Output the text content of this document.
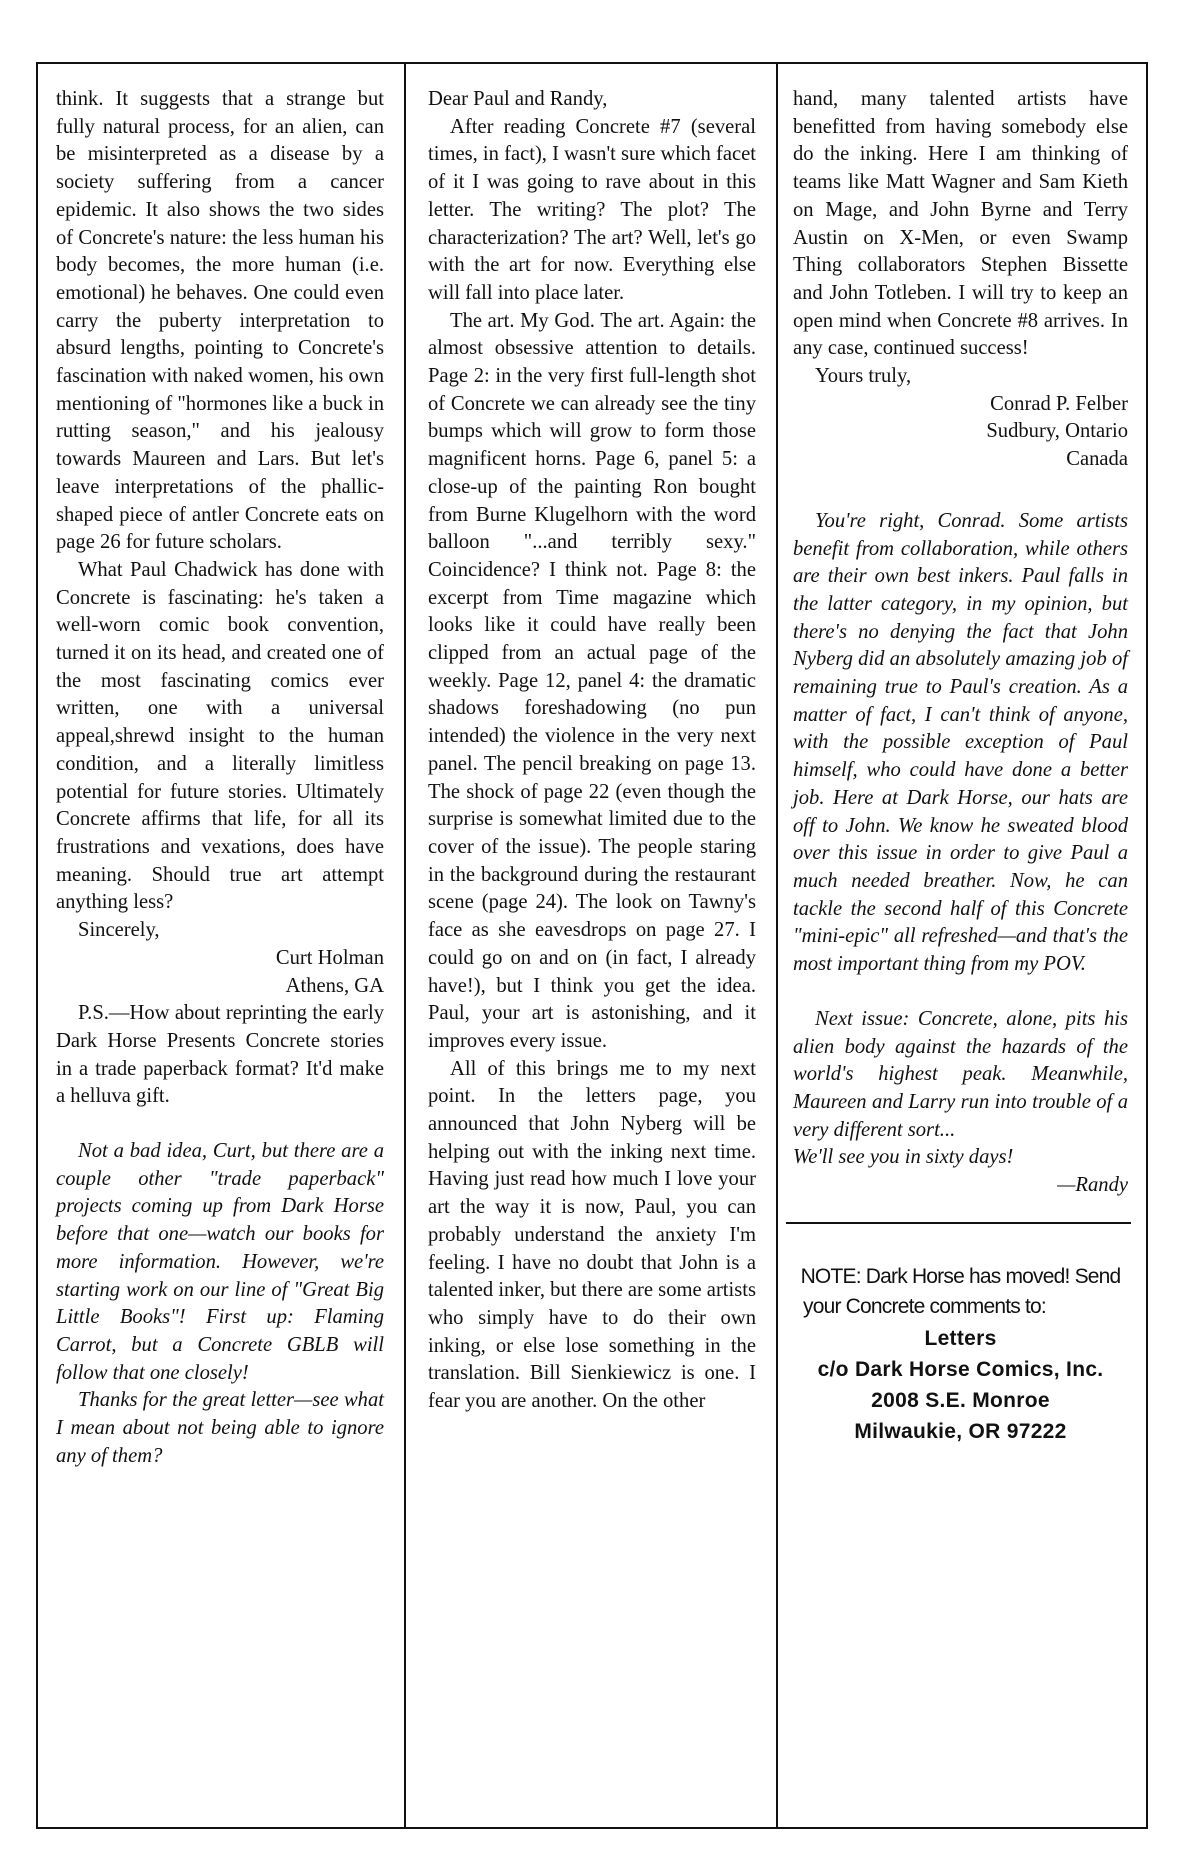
think. It suggests that a strange but fully natural process, for an alien, can be misinterpreted as a disease by a society suffering from a cancer epidemic. It also shows the two sides of Concrete's nature: the less human his body becomes, the more human (i.e. emotional) he behaves. One could even carry the puberty interpretation to absurd lengths, pointing to Concrete's fascination with naked women, his own mentioning of "hormones like a buck in rutting season," and his jealousy towards Maureen and Lars. But let's leave interpretations of the phallic-shaped piece of antler Concrete eats on page 26 for future scholars.

What Paul Chadwick has done with Concrete is fascinating: he's taken a well-worn comic book convention, turned it on its head, and created one of the most fascinating comics ever written, one with a universal appeal,shrewd insight to the human condition, and a literally limitless potential for future stories. Ultimately Concrete affirms that life, for all its frustrations and vexations, does have meaning. Should true art attempt anything less?

Sincerely,

Curt Holman

Athens, GA

P.S.—How about reprinting the early Dark Horse Presents Concrete stories in a trade paperback format? It'd make a helluva gift.

Not a bad idea, Curt, but there are a couple other "trade paperback" projects coming up from Dark Horse before that one—watch our books for more information. However, we're starting work on our line of "Great Big Little Books"! First up: Flaming Carrot, but a Concrete GBLB will follow that one closely!

Thanks for the great letter—see what I mean about not being able to ignore any of them?

Dear Paul and Randy,

After reading Concrete #7 (several times, in fact), I wasn't sure which facet of it I was going to rave about in this letter. The writing? The plot? The characterization? The art? Well, let's go with the art for now. Everything else will fall into place later.

The art. My God. The art. Again: the almost obsessive attention to details. Page 2: in the very first full-length shot of Concrete we can already see the tiny bumps which will grow to form those magnificent horns. Page 6, panel 5: a close-up of the painting Ron bought from Burne Klugelhorn with the word balloon "...and terribly sexy." Coincidence? I think not. Page 8: the excerpt from Time magazine which looks like it could have really been clipped from an actual page of the weekly. Page 12, panel 4: the dramatic shadows foreshadowing (no pun intended) the violence in the very next panel. The pencil breaking on page 13. The shock of page 22 (even though the surprise is somewhat limited due to the cover of the issue). The people staring in the background during the restaurant scene (page 24). The look on Tawny's face as she eavesdrops on page 27. I could go on and on (in fact, I already have!), but I think you get the idea. Paul, your art is astonishing, and it improves every issue.

All of this brings me to my next point. In the letters page, you announced that John Nyberg will be helping out with the inking next time. Having just read how much I love your art the way it is now, Paul, you can probably understand the anxiety I'm feeling. I have no doubt that John is a talented inker, but there are some artists who simply have to do their own inking, or else lose something in the translation. Bill Sienkiewicz is one. I fear you are another. On the other

hand, many talented artists have benefitted from having somebody else do the inking. Here I am thinking of teams like Matt Wagner and Sam Kieth on Mage, and John Byrne and Terry Austin on X-Men, or even Swamp Thing collaborators Stephen Bissette and John Totleben. I will try to keep an open mind when Concrete #8 arrives. In any case, continued success!

Yours truly,

Conrad P. Felber

Sudbury, Ontario

Canada

You're right, Conrad. Some artists benefit from collaboration, while others are their own best inkers. Paul falls in the latter category, in my opinion, but there's no denying the fact that John Nyberg did an absolutely amazing job of remaining true to Paul's creation. As a matter of fact, I can't think of anyone, with the possible exception of Paul himself, who could have done a better job. Here at Dark Horse, our hats are off to John. We know he sweated blood over this issue in order to give Paul a much needed breather. Now, he can tackle the second half of this Concrete "mini-epic" all refreshed—and that's the most important thing from my POV.

Next issue: Concrete, alone, pits his alien body against the hazards of the world's highest peak. Meanwhile, Maureen and Larry run into trouble of a very different sort...

We'll see you in sixty days!

—Randy

NOTE: Dark Horse has moved! Send
your Concrete comments to:
Letters
c/o Dark Horse Comics, Inc.
2008 S.E. Monroe
Milwaukie, OR 97222
